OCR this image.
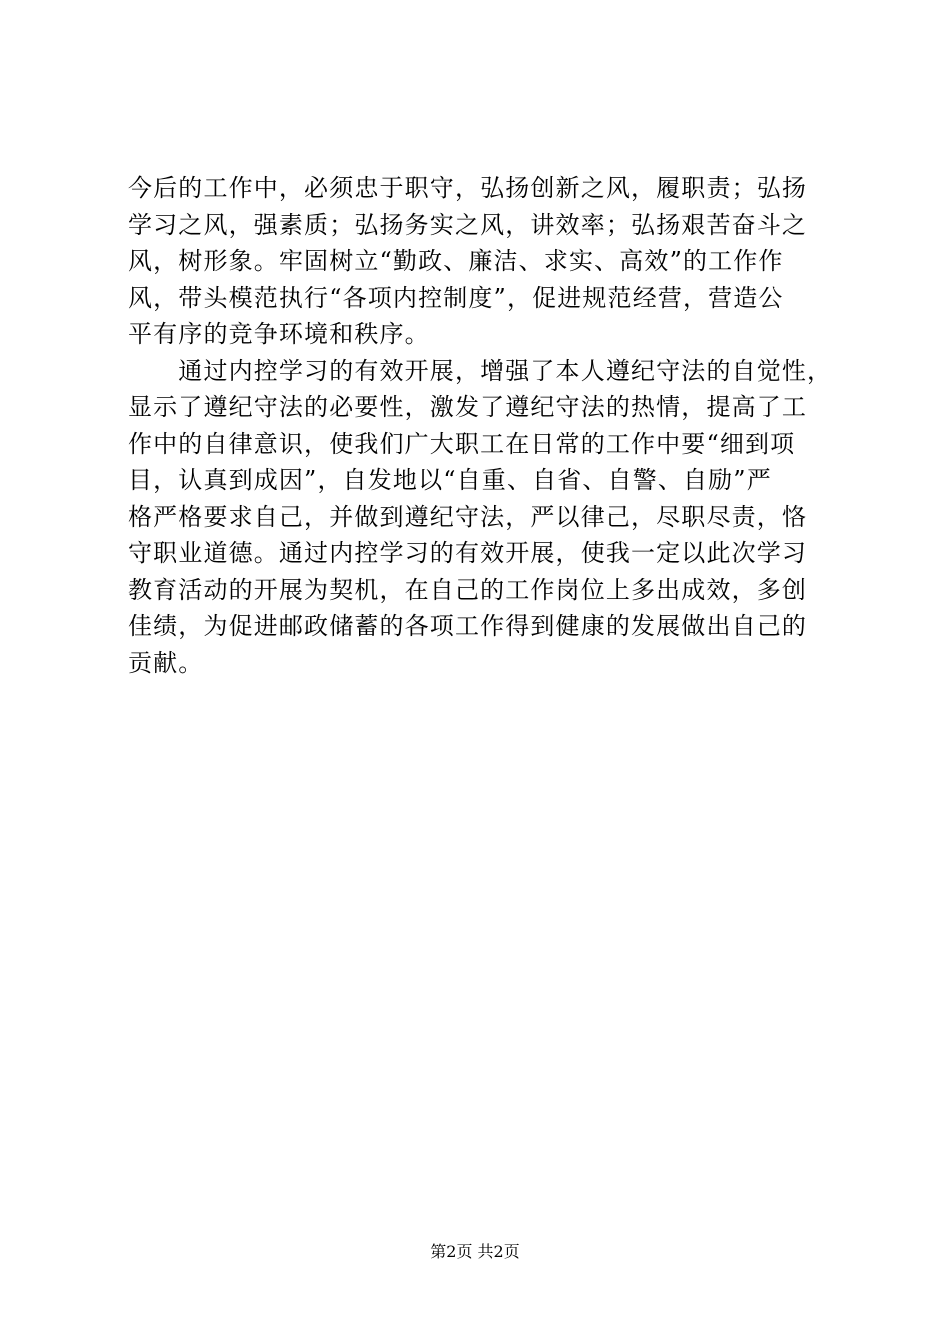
今后的工作中，必须忠于职守，弘扬创新之风，履职责；弘扬
学习之风，强素质；弘扬务实之风，讲效率；弘扬艰苦奋斗之
风，树形象。牢固树立“勤政、廉洁、求实、高效”的工作作
风，带头模范执行“各项内控制度”，促进规范经营，营造公
平有序的竞争环境和秩序。
　　通过内控学习的有效开展，增强了本人遵纪守法的自觉性，
显示了遵纪守法的必要性，激发了遵纪守法的热情，提高了工
作中的自律意识，使我们广大职工在日常的工作中要“细到项
目，认真到成因”，自发地以“自重、自省、自警、自励”严
格严格要求自己，并做到遵纪守法，严以律己，尽职尽责，恪
守职业道德。通过内控学习的有效开展，使我一定以此次学习
教育活动的开展为契机，在自己的工作岗位上多出成效，多创
佳绩，为促进邮政储蓄的各项工作得到健康的发展做出自己的
贡献。
第2页 共2页
